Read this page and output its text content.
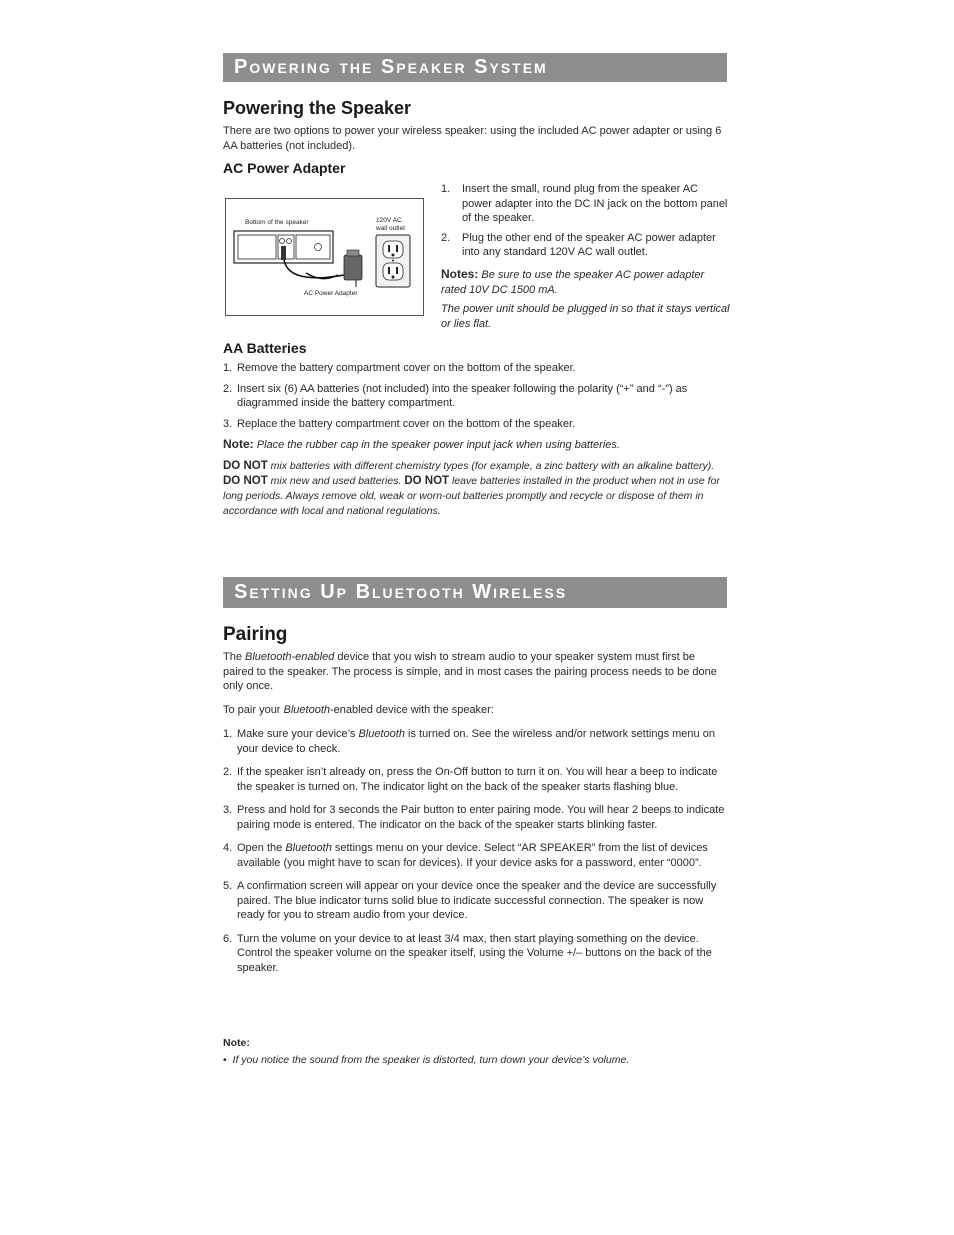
Powering the Speaker System
Powering the Speaker

There are two options to power your wireless speaker: using the included AC power adapter or using 6 AA batteries (not included).

AC Power Adapter
Bottom of the speaker	120V AC
wall outlet
AC Power Adapter
1. Insert the small, round plug from the speaker AC power adapter into the DC IN jack on the bottom panel of the speaker.
2. Plug the other end of the speaker AC power adapter into any standard 120V AC wall outlet.

Notes: Be sure to use the speaker AC power adapter rated 10V DC 1500 mA.

The power unit should be plugged in so that it stays vertical or lies flat.

AA Batteries
1. Remove the battery compartment cover on the bottom of the speaker.
2. Insert six (6) AA batteries (not included) into the speaker following the polarity (“+” and “-”) as diagrammed inside the battery compartment.
3. Replace the battery compartment cover on the bottom of the speaker.

Note: Place the rubber cap in the speaker power input jack when using batteries.

DO NOT mix batteries with different chemistry types (for example, a zinc battery with an alkaline battery). DO NOT mix new and used batteries. DO NOT leave batteries installed in the product when not in use for long periods. Always remove old, weak or worn-out batteries promptly and recycle or dispose of them in accordance with local and national regulations.

Setting Up Bluetooth Wireless
Pairing

The Bluetooth-enabled device that you wish to stream audio to your speaker system must first be paired to the speaker. The process is simple, and in most cases the pairing process needs to be done only once.

To pair your Bluetooth-enabled device with the speaker:

1. Make sure your device’s Bluetooth is turned on. See the wireless and/or network settings menu on your device to check.
2. If the speaker isn’t already on, press the On-Off button to turn it on. You will hear a beep to indicate the speaker is turned on. The indicator light on the back of the speaker starts flashing blue.
3. Press and hold for 3 seconds the Pair button to enter pairing mode. You will hear 2 beeps to indicate pairing mode is entered. The indicator on the back of the speaker starts blinking faster.
4. Open the Bluetooth settings menu on your device. Select “AR SPEAKER” from the list of devices available (you might have to scan for devices). If your device asks for a password, enter “0000”.
5. A confirmation screen will appear on your device once the speaker and the device are successfully paired. The blue indicator turns solid blue to indicate successful connection. The speaker is now ready for you to stream audio from your device.
6. Turn the volume on your device to at least 3/4 max, then start playing something on the device. Control the speaker volume on the speaker itself, using the Volume +/– buttons on the back of the speaker.

Note:

• If you notice the sound from the speaker is distorted, turn down your device’s volume.
